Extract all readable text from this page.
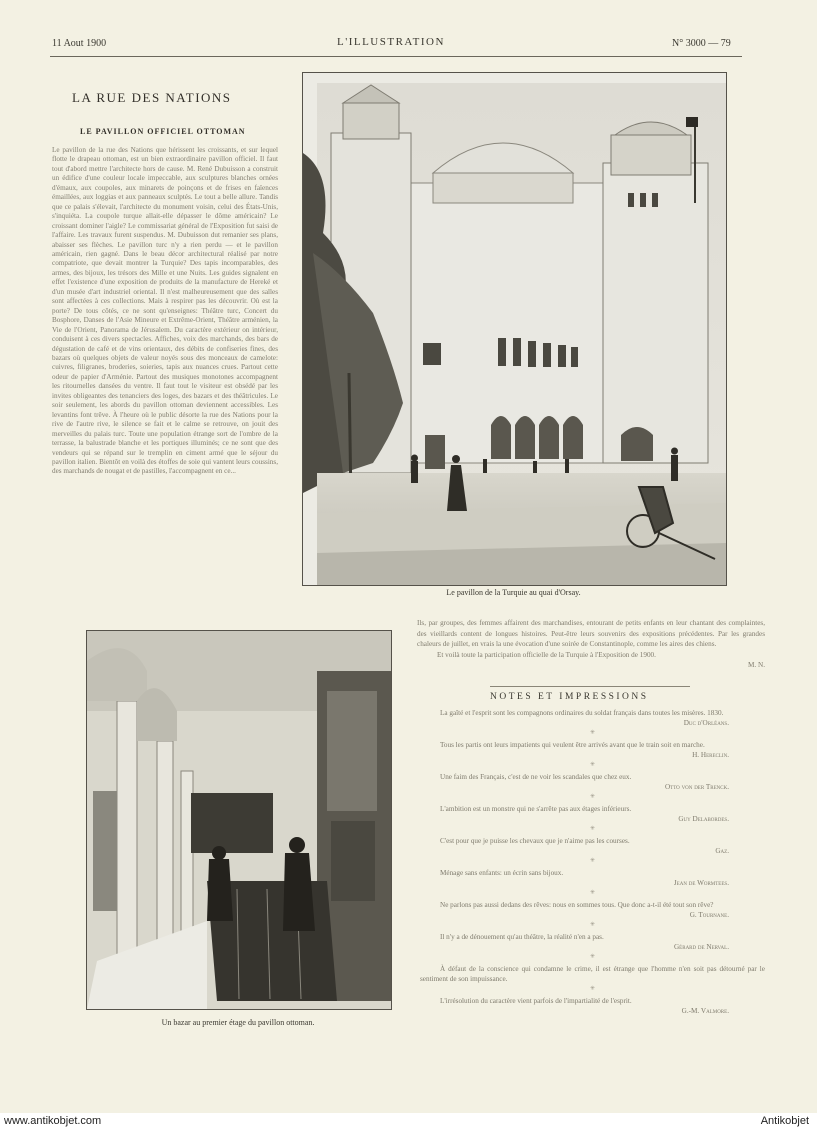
11 Aout 1900	L'ILLUSTRATION	N° 3000 — 79
LA RUE DES NATIONS
LE PAVILLON OFFICIEL OTTOMAN
Le pavillon de la rue des Nations que hérissent les croissants, et sur lequel flotte le drapeau ottoman, est un bien extraordinaire pavillon officiel. Il faut tout d'abord mettre l'architecte hors de cause. M. René Dubuisson a construit un édifice d'une couleur locale impeccable, aux sculptures blanches ornées d'émaux, aux coupoles, aux minarets de poinçons et de frises en faïences émaillées, aux loggias et aux panneaux sculptés. Le tout a belle allure. Tandis que ce palais s'élevait, l'architecte du monument voisin, celui des États-Unis, s'inquiéta. La coupole turque allait-elle dépasser le dôme américain? Le croissant dominer l'aigle? Le commissariat général de l'Exposition fut saisi de l'affaire. Les travaux furent suspendus. M. Dubuisson dut remanier ses plans, abaisser ses flèches. Le pavillon turc n'y a rien perdu — et le pavillon américain, rien gagné. Dans le beau décor architectural réalisé par notre compatriote, que devait montrer la Turquie? Des tapis incomparables, des armes, des bijoux, les trésors des Mille et une Nuits. Les guides signalent en effet l'existence d'une exposition de produits de la manufacture de Hereké et d'un musée d'art industriel oriental. Il n'est malheureusement que des salles sont affectées à ces collections. Mais à respirer pas les découvrir. Où est la porte? De tous côtés, ce ne sont qu'enseignes: Théâtre turc, Concert du Bosphore, Danses de l'Asie Mineure et Extrême-Orient, Théâtre arménien, la Vie de l'Orient, Panorama de Jérusalem. Du caractère extérieur on intérieur, conduisent à ces divers spectacles. Affiches, voix des marchands, des bars de dégustation de café et de vins orientaux, des débits de confiseries fines, des bazars où quelques objets de valeur noyés sous des monceaux de camelote: cuivres, filigranes, broderies, soieries, tapis aux nuances crues. Partout cette odeur de papier d'Arménie. Partout des musiques monotones accompagnent les ritournelles dansées du ventre. Il faut tout le visiteur est obsédé par les invites obligeantes des tenanciers des loges, des bazars et des théâtricules. Le soir seulement, les abords du pavillon ottoman deviennent accessibles. Les levantins font trêve. À l'heure où le public désorte la rue des Nations pour la rive de l'autre rive, le silence se fait et le calme se retrouve, on jouit des merveilles du palais turc. Toute une population étrange sort de l'ombre de la terrasse, la balustrade blanche et les portiques illuminés; ce ne sont que des vendeurs qui se répand sur le tremplin en ciment armé que le séjour du pavillon italien. Bientôt en voilà des étoffes de soie qui vantent leurs coussins, des marchands de nougat et de pastilles, l'accompagnent en ce...
Le pavillon de la Turquie au quai d'Orsay.
Un bazar au premier étage du pavillon ottoman.
Ils, par groupes, des femmes affairent des marchandises, entourant de petits enfants en leur chantant des complaintes, des vieillards content de longues histoires. Peut-être leurs souvenirs des expositions précédentes. Par les grandes chaleurs de juillet, en vrais la une évocation d'une soirée de Constantinople, comme les aires des chiens.
Et voilà toute la participation officielle de la Turquie à l'Exposition de 1900.
M. N.
NOTES ET IMPRESSIONS
La gaîté et l'esprit sont les compagnons ordinaires du soldat français dans toutes les misères. 1830.
Duc d'Orléans.
✳
Tous les partis ont leurs impatients qui veulent être arrivés avant que le train soit en marche.
H. Hereclin.
✳
Une faim des Français, c'est de ne voir les scandales que chez eux.
Otto von der Trenck.
✳
L'ambition est un monstre qui ne s'arrête pas aux étages inférieurs.
Guy Delabordes.
✳
C'est pour que je puisse les chevaux que je n'aime pas les courses.
Gaz.
✳
Ménage sans enfants: un écrin sans bijoux.
Jean de Wormtees.
✳
Ne parlons pas aussi dedans des rêves: nous en sommes tous. Que donc a-t-il été tout son rêve?
G. Tournane.
✳
Il n'y a de dénouement qu'au théâtre, la réalité n'en a pas.
Gérard de Nerval.
✳
À défaut de la conscience qui condamne le crime, il est étrange que l'homme n'en soit pas détourné par le sentiment de son impuissance.
✳
L'irrésolution du caractère vient parfois de l'impartialité de l'esprit.
G.-M. Valmore.
www.antikobjet.com	Antikobjet
